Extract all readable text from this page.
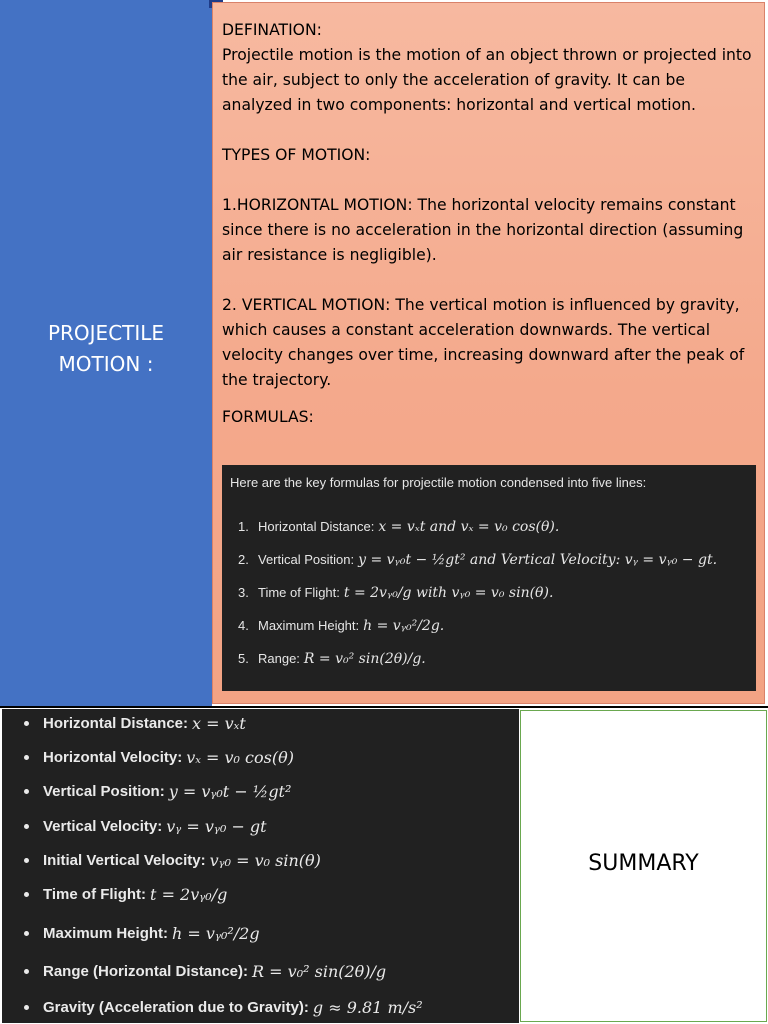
PROJECTILE
MOTION :

DEFINATION:

Projectile motion is the motion of an object thrown or projected into the air, subject to only the acceleration of gravity. It can be analyzed in two components: horizontal and vertical motion.

TYPES OF MOTION:

1.HORIZONTAL MOTION: The horizontal velocity remains constant since there is no acceleration in the horizontal direction (assuming air resistance is negligible).

2. VERTICAL MOTION: The vertical motion is influenced by gravity, which causes a constant acceleration downwards. The vertical velocity changes over time, increasing downward after the peak of the trajectory.

FORMULAS:

Here are the key formulas for projectile motion condensed into five lines:

1. Horizontal Distance: x = vₓt and vₓ = v₀ cos(θ).
2. Vertical Position: y = vᵧ₀t − ½gt² and Vertical Velocity: vᵧ = vᵧ₀ − gt.
3. Time of Flight: t = 2vᵧ₀/g with vᵧ₀ = v₀ sin(θ).
4. Maximum Height: h = vᵧ₀²/2g.
5. Range: R = v₀² sin(2θ)/g.
Horizontal Distance: x = vₓt
Horizontal Velocity: vₓ = v₀ cos(θ)
Vertical Position: y = vᵧ₀t − ½gt²
Vertical Velocity: vᵧ = vᵧ₀ − gt
Initial Vertical Velocity: vᵧ₀ = v₀ sin(θ)
Time of Flight: t = 2vᵧ₀/g
Maximum Height: h = vᵧ₀²/2g
Range (Horizontal Distance): R = v₀² sin(2θ)/g
Gravity (Acceleration due to Gravity): g ≈ 9.81 m/s²
SUMMARY
